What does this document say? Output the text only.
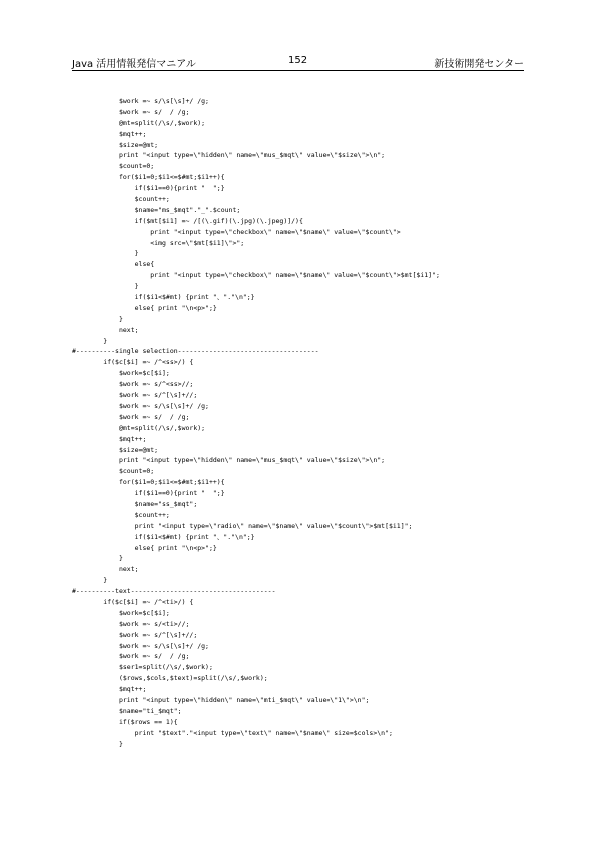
Java 活用情報発信マニアル	152	新技術開発センター
$work =~ s/\s[\s]+/ /g;
$work =~ s/  / /g;
@mt=split(/\s/,$work);
$mqt++;
$size=@mt;
print "<input type=\"hidden\" name=\"mus_$mqt\" value=\"$size\">\n";
$count=0;
for($i1=0;$i1<=$#mt;$i1++){
if($i1==0){print "  ";}
$count++;
$name="ms_$mqt"."_".$count;
if($mt[$i1] =~ /[(\.gif)(\.jpg)(\.jpeg)]/){
print "<input type=\"checkbox\" name=\"$name\" value=\"$count\">
<img src=\"$mt[$i1]\">";
}
else{
print "<input type=\"checkbox\" name=\"$name\" value=\"$count\">$mt[$i1]";
}
if($i1<$#mt) {print "、"."\n";}
else{ print "\n<p>";}
}
next;
}
#----------single selection------------------------------------
if($c[$i] =~ /^<ss>/) {
$work=$c[$i];
$work =~ s/^<ss>//;
$work =~ s/^[\s]+//;
$work =~ s/\s[\s]+/ /g;
$work =~ s/  / /g;
@mt=split(/\s/,$work);
$mqt++;
$size=@mt;
print "<input type=\"hidden\" name=\"mus_$mqt\" value=\"$size\">\n";
$count=0;
for($i1=0;$i1<=$#mt;$i1++){
if($i1==0){print "  ";}
$name="ss_$mqt";
$count++;
print "<input type=\"radio\" name=\"$name\" value=\"$count\">$mt[$i1]";
if($i1<$#mt) {print "、"."\n";}
else{ print "\n<p>";}
}
next;
}
#----------text-------------------------------------
if($c[$i] =~ /^<ti>/) {
$work=$c[$i];
$work =~ s/<ti>//;
$work =~ s/^[\s]+//;
$work =~ s/\s[\s]+/ /g;
$work =~ s/  / /g;
$ser1=split(/\s/,$work);
($rows,$cols,$text)=split(/\s/,$work);
$mqt++;
print "<input type=\"hidden\" name=\"mti_$mqt\" value=\"1\">\n";
$name="ti_$mqt";
if($rows == 1){
print "$text"."<input type=\"text\" name=\"$name\" size=$cols>\n";
}
